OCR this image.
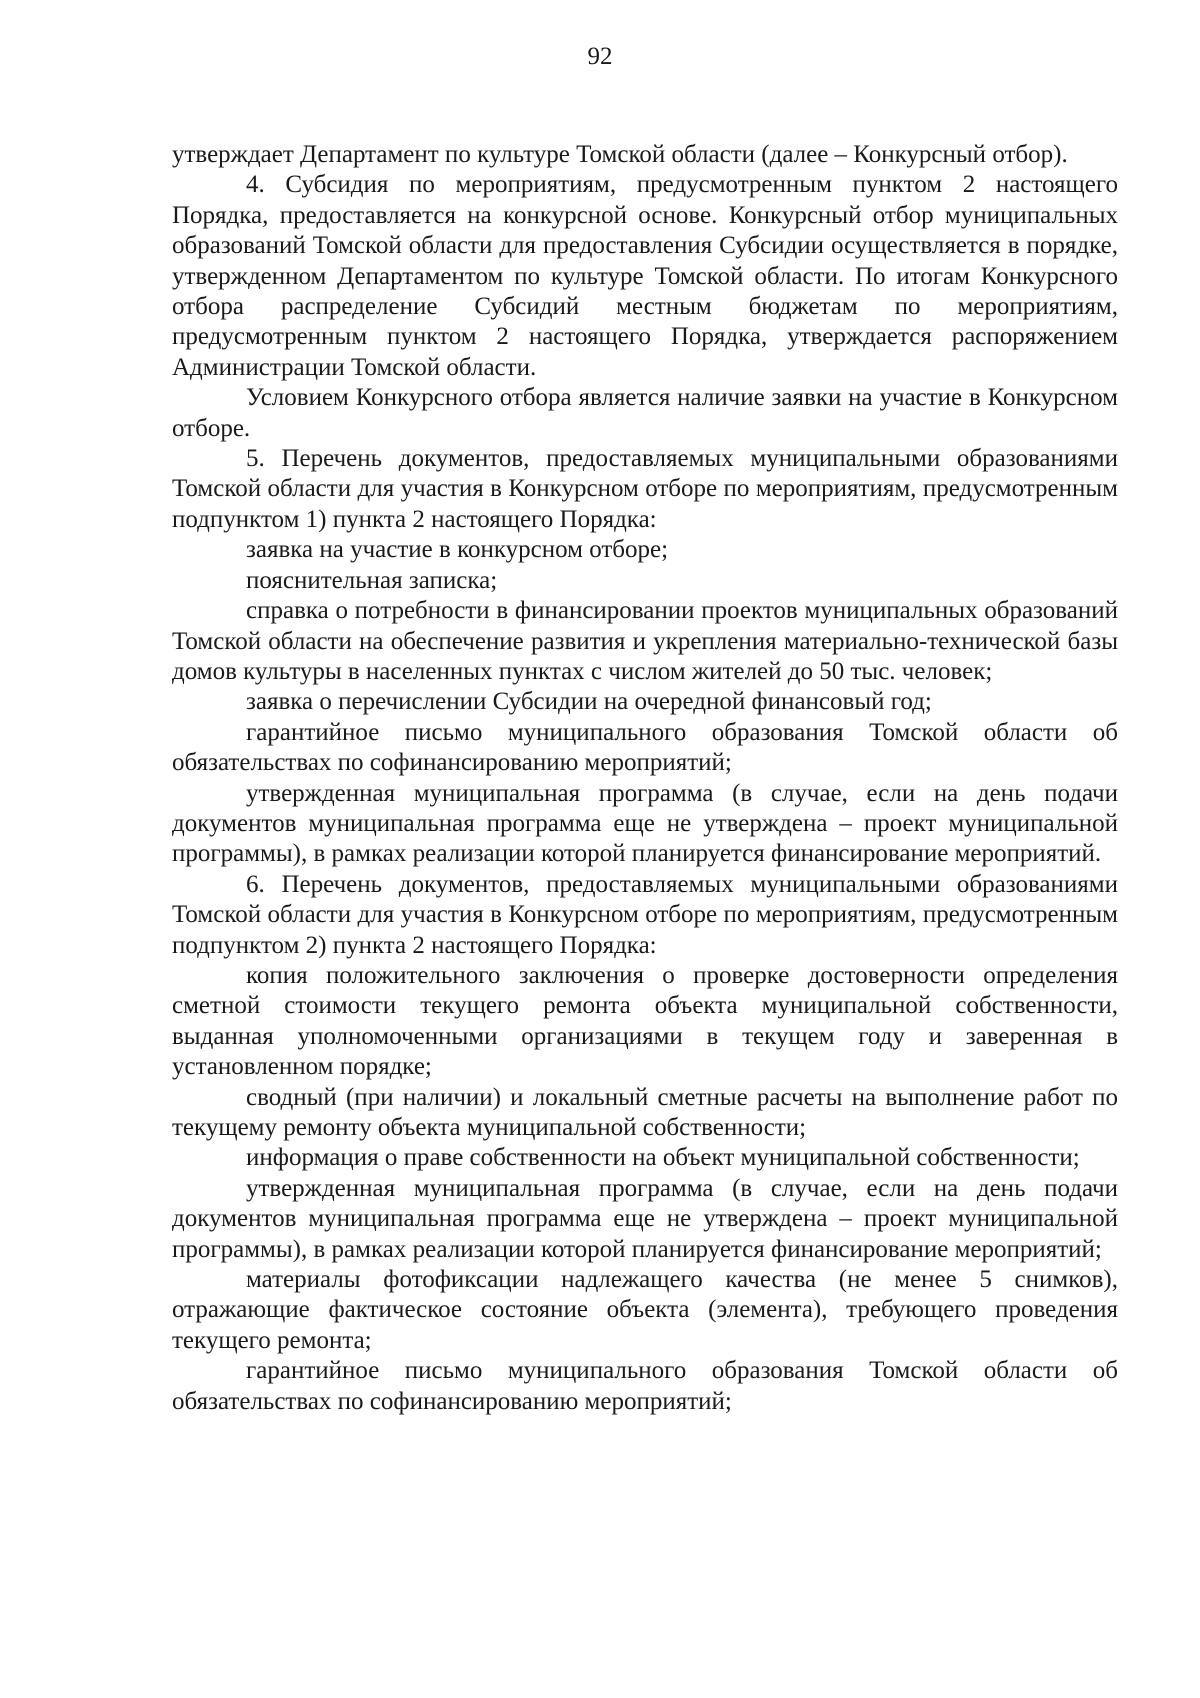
92

утверждает Департамент по культуре Томской области (далее – Конкурсный отбор).

4. Субсидия по мероприятиям, предусмотренным пунктом 2 настоящего Порядка, предоставляется на конкурсной основе. Конкурсный отбор муниципальных образований Томской области для предоставления Субсидии осуществляется в порядке, утвержденном Департаментом по культуре Томской области. По итогам Конкурсного отбора распределение Субсидий местным бюджетам по мероприятиям, предусмотренным пунктом 2 настоящего Порядка, утверждается распоряжением Администрации Томской области.

Условием Конкурсного отбора является наличие заявки на участие в Конкурсном отборе.

5. Перечень документов, предоставляемых муниципальными образованиями Томской области для участия в Конкурсном отборе по мероприятиям, предусмотренным подпунктом 1) пункта 2 настоящего Порядка:

заявка на участие в конкурсном отборе;

пояснительная записка;

справка о потребности в финансировании проектов муниципальных образований Томской области на обеспечение развития и укрепления материально-технической базы домов культуры в населенных пунктах с числом жителей до 50 тыс. человек;

заявка о перечислении Субсидии на очередной финансовый год;

гарантийное письмо муниципального образования Томской области об обязательствах по софинансированию мероприятий;

утвержденная муниципальная программа (в случае, если на день подачи документов муниципальная программа еще не утверждена – проект муниципальной программы), в рамках реализации которой планируется финансирование мероприятий.

6. Перечень документов, предоставляемых муниципальными образованиями Томской области для участия в Конкурсном отборе по мероприятиям, предусмотренным подпунктом 2) пункта 2 настоящего Порядка:

копия положительного заключения о проверке достоверности определения сметной стоимости текущего ремонта объекта муниципальной собственности, выданная уполномоченными организациями в текущем году и заверенная в установленном порядке;

сводный (при наличии) и локальный сметные расчеты на выполнение работ по текущему ремонту объекта муниципальной собственности;

информация о праве собственности на объект муниципальной собственности;

утвержденная муниципальная программа (в случае, если на день подачи документов муниципальная программа еще не утверждена – проект муниципальной программы), в рамках реализации которой планируется финансирование мероприятий;

материалы фотофиксации надлежащего качества (не менее 5 снимков), отражающие фактическое состояние объекта (элемента), требующего проведения текущего ремонта;

гарантийное письмо муниципального образования Томской области об обязательствах по софинансированию мероприятий;
